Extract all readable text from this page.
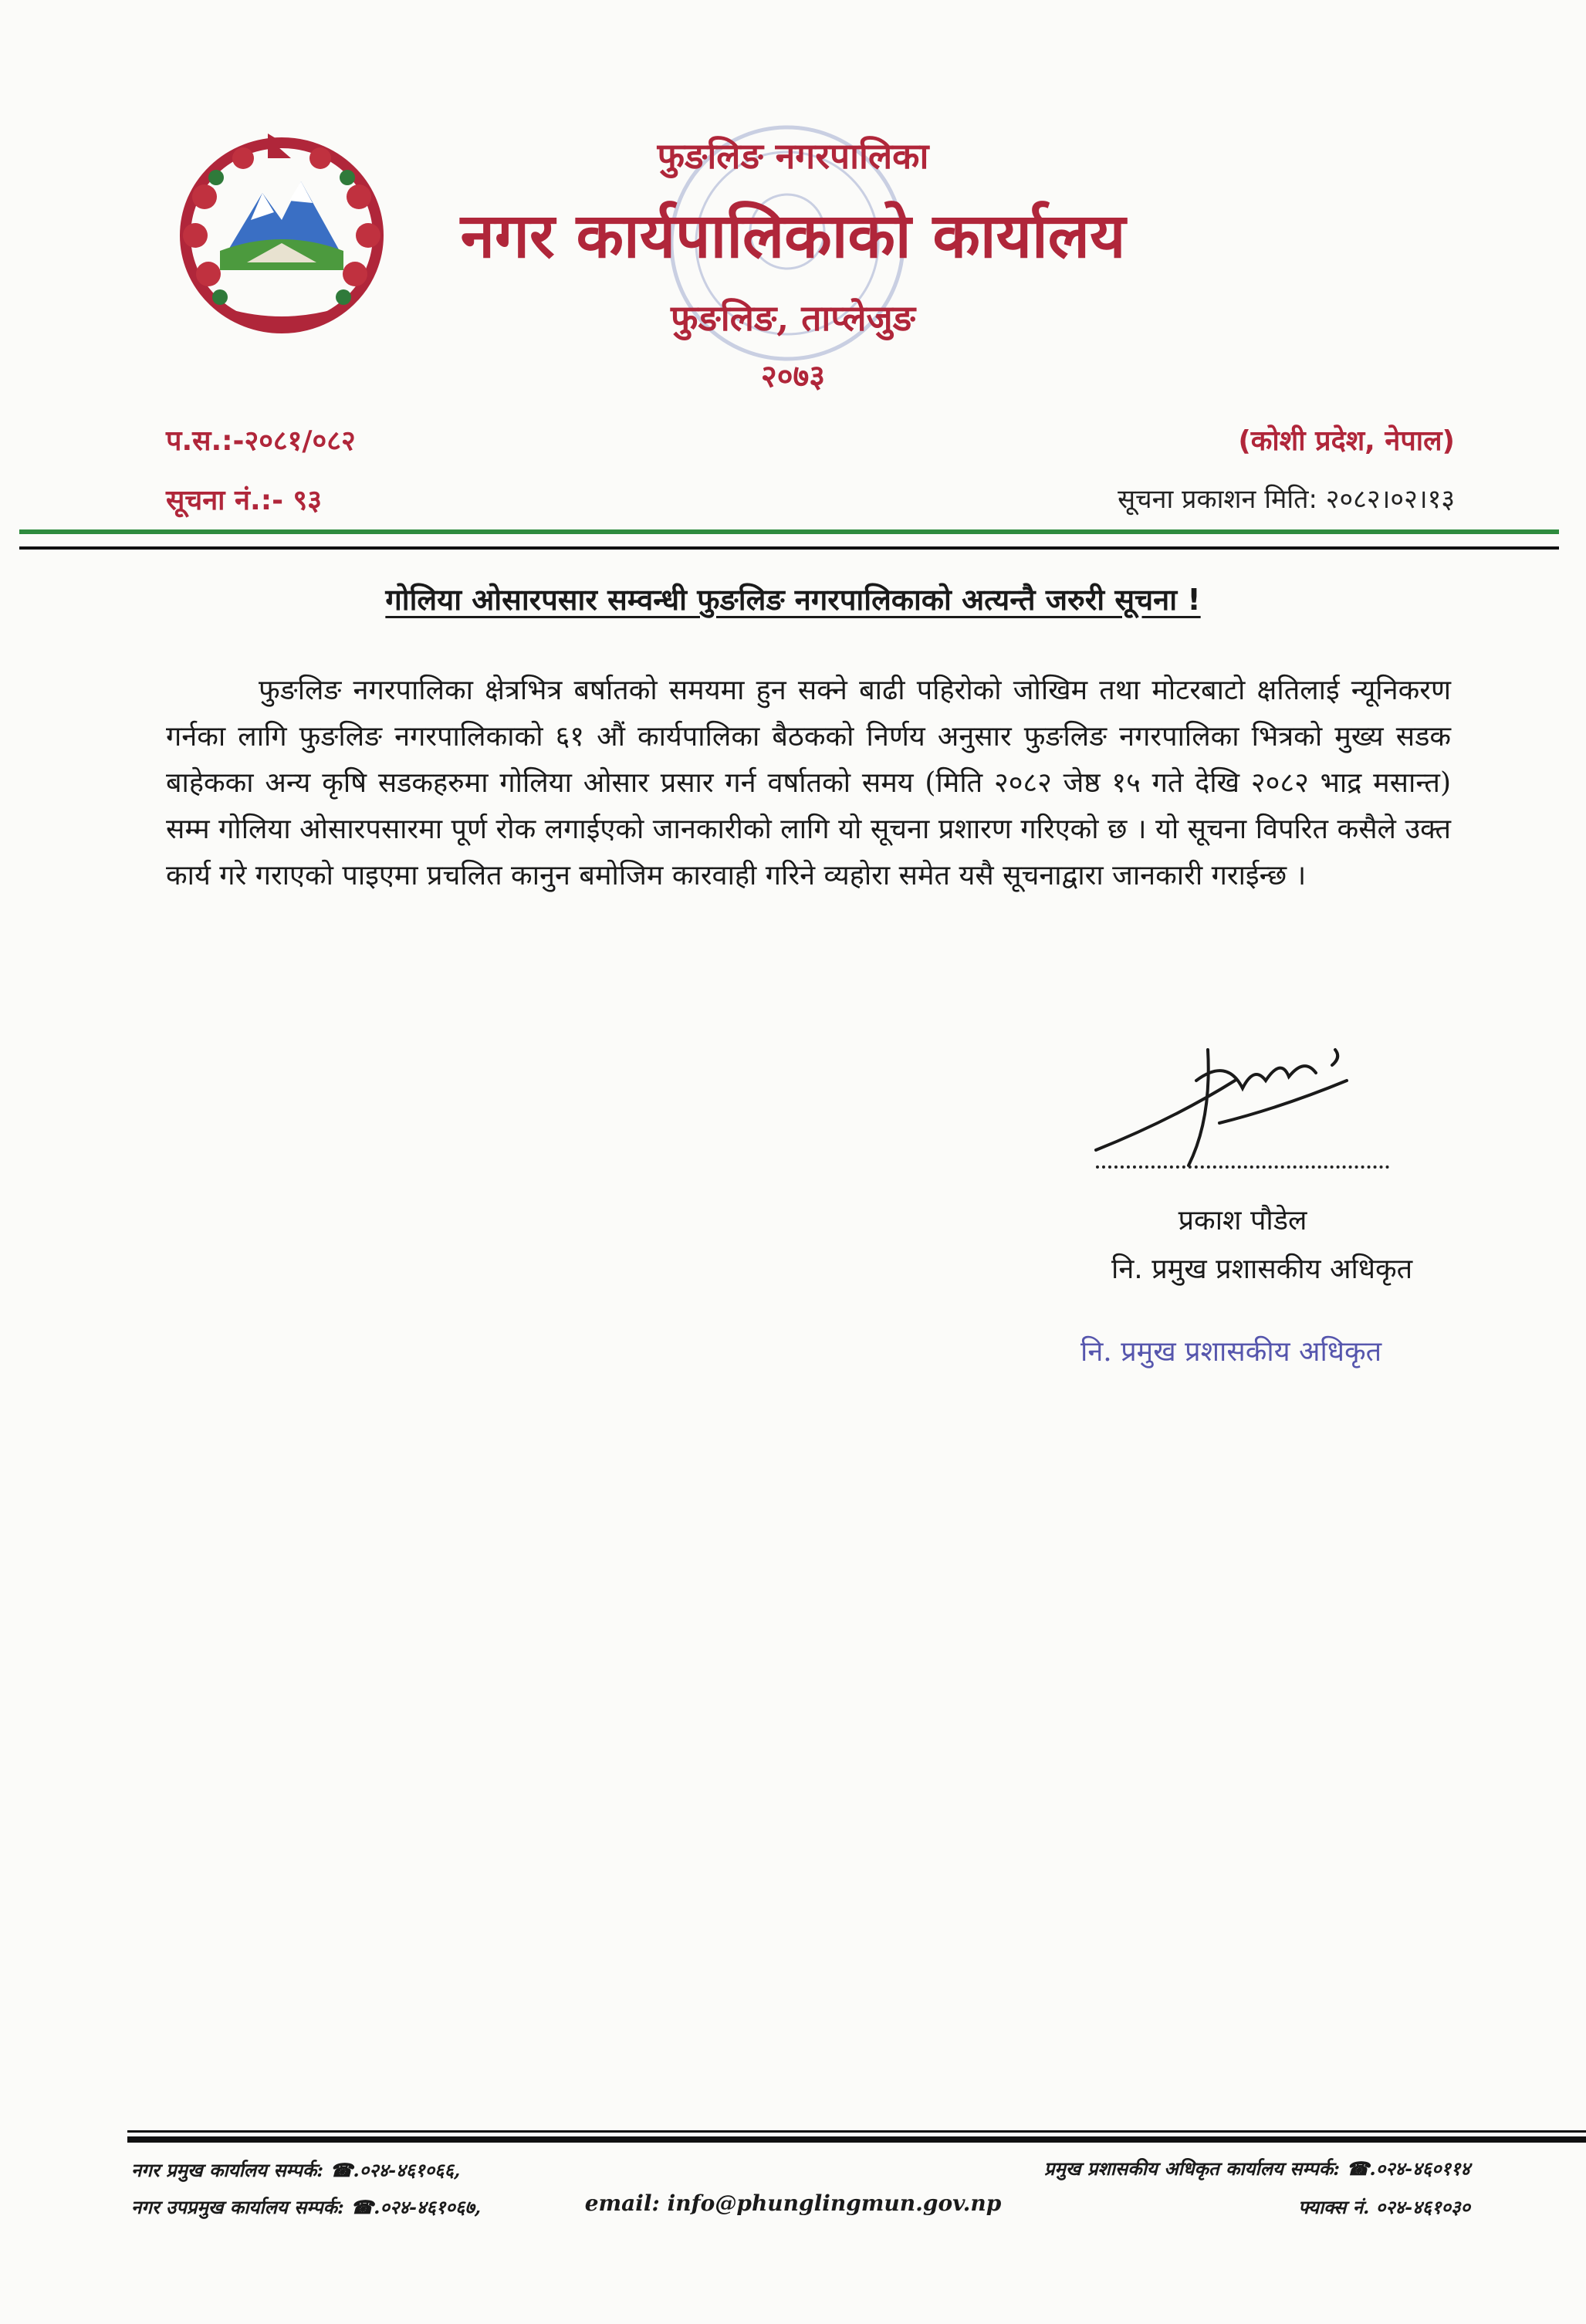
फुङलिङ नगरपालिका
नगर कार्यपालिकाको कार्यालय
फुङलिङ, ताप्लेजुङ
२०७३
प.स.:-२०८१/०८२
सूचना नं.:- ९३
(कोशी प्रदेश, नेपाल)
सूचना प्रकाशन मिति: २०८२।०२।१३
गोलिया ओसारपसार सम्वन्धी फुङलिङ नगरपालिकाको अत्यन्तै जरुरी सूचना !

फुङलिङ नगरपालिका क्षेत्रभित्र बर्षातको समयमा हुन सक्ने बाढी पहिरोको जोखिम तथा मोटरबाटो क्षतिलाई न्यूनिकरण गर्नका लागि फुङलिङ नगरपालिकाको ६१ औं कार्यपालिका बैठकको निर्णय अनुसार फुङलिङ नगरपालिका भित्रको मुख्य सडक बाहेकका अन्य कृषि सडकहरुमा गोलिया ओसार प्रसार गर्न वर्षातको समय (मिति २०८२ जेष्ठ १५ गते देखि २०८२ भाद्र मसान्त) सम्म गोलिया ओसारपसारमा पूर्ण रोक लगाईएको जानकारीको लागि यो सूचना प्रशारण गरिएको छ । यो सूचना विपरित कसैले उक्त कार्य गरे गराएको पाइएमा प्रचलित कानुन बमोजिम कारवाही गरिने व्यहोरा समेत यसै सूचनाद्वारा जानकारी गराईन्छ ।

प्रकाश पौडेल
नि. प्रमुख प्रशासकीय अधिकृत
नि. प्रमुख प्रशासकीय अधिकृत
नगर प्रमुख कार्यालय सम्पर्क: ☎.०२४-४६१०६६,
नगर उपप्रमुख कार्यालय सम्पर्क: ☎.०२४-४६१०६७,
प्रमुख प्रशासकीय अधिकृत कार्यालय सम्पर्क: ☎.०२४-४६०११४
फ्याक्स नं. ०२४-४६१०३०
email: info@phunglingmun.gov.np
